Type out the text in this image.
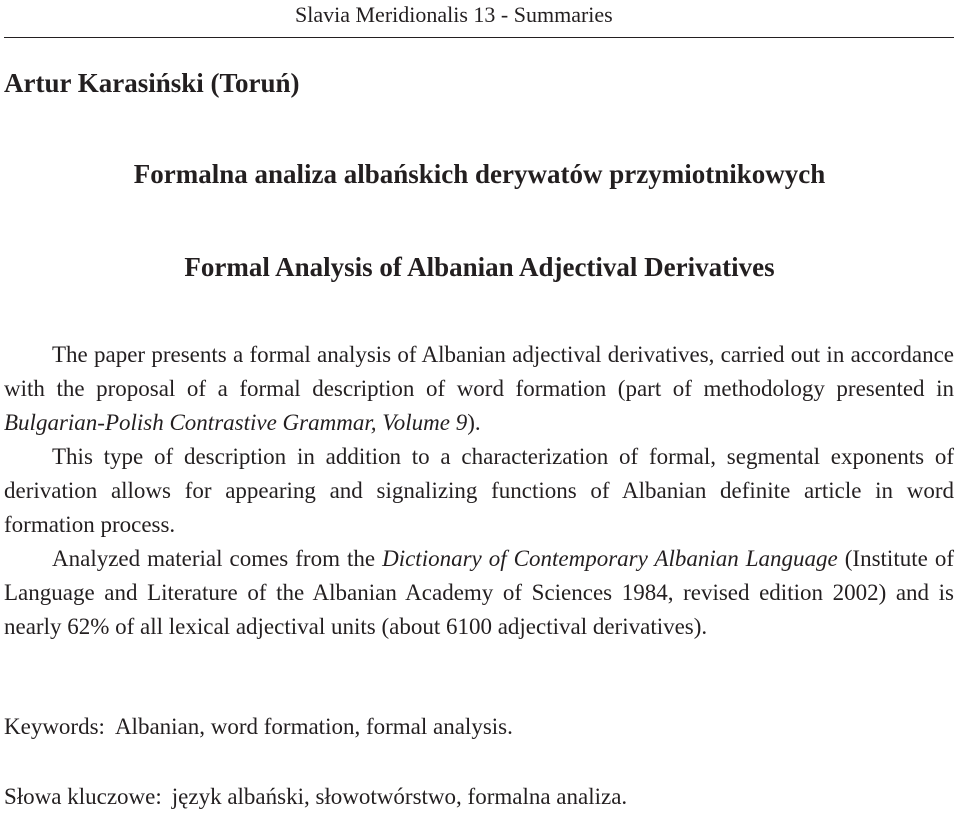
Slavia Meridionalis 13 - Summaries
Artur Karasiński (Toruń)
Formalna analiza albańskich derywatów przymiotnikowych
Formal Analysis of Albanian Adjectival Derivatives

The paper presents a formal analysis of Albanian adjectival derivatives, carried out in accordance with the proposal of a formal description of word formation (part of methodology presented in Bulgarian-Polish Contrastive Grammar, Volume 9).

This type of description in addition to a characterization of formal, segmental exponents of derivation allows for appearing and signalizing functions of Albanian definite article in word formation process.

Analyzed material comes from the Dictionary of Contemporary Albanian Language (Institute of Language and Literature of the Albanian Academy of Sciences 1984, revised edition 2002) and is nearly 62% of all lexical adjectival units (about 6100 adjectival derivatives).

Keywords: Albanian, word formation, formal analysis.
Słowa kluczowe: język albański, słowotwórstwo, formalna analiza.
